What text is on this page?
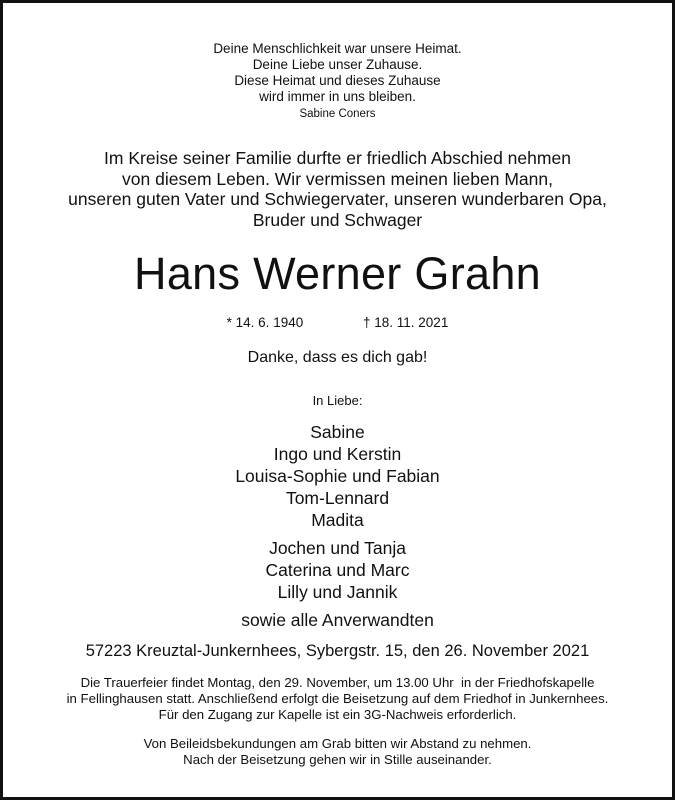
Deine Menschlichkeit war unsere Heimat.
Deine Liebe unser Zuhause.
Diese Heimat und dieses Zuhause
wird immer in uns bleiben.
Sabine Coners
Im Kreise seiner Familie durfte er friedlich Abschied nehmen
von diesem Leben. Wir vermissen meinen lieben Mann,
unseren guten Vater und Schwiegervater, unseren wunderbaren Opa,
Bruder und Schwager
Hans Werner Grahn
* 14. 6. 1940	† 18. 11. 2021
Danke, dass es dich gab!
In Liebe:
Sabine
Ingo und Kerstin
Louisa-Sophie und Fabian
Tom-Lennard
Madita
Jochen und Tanja
Caterina und Marc
Lilly und Jannik
sowie alle Anverwandten
57223 Kreuztal-Junkernhees, Sybergstr. 15, den 26. November 2021
Die Trauerfeier findet Montag, den 29. November, um 13.00 Uhr  in der Friedhofskapelle
in Fellinghausen statt. Anschließend erfolgt die Beisetzung auf dem Friedhof in Junkernhees.
Für den Zugang zur Kapelle ist ein 3G-Nachweis erforderlich.
Von Beileidsbekundungen am Grab bitten wir Abstand zu nehmen.
Nach der Beisetzung gehen wir in Stille auseinander.
